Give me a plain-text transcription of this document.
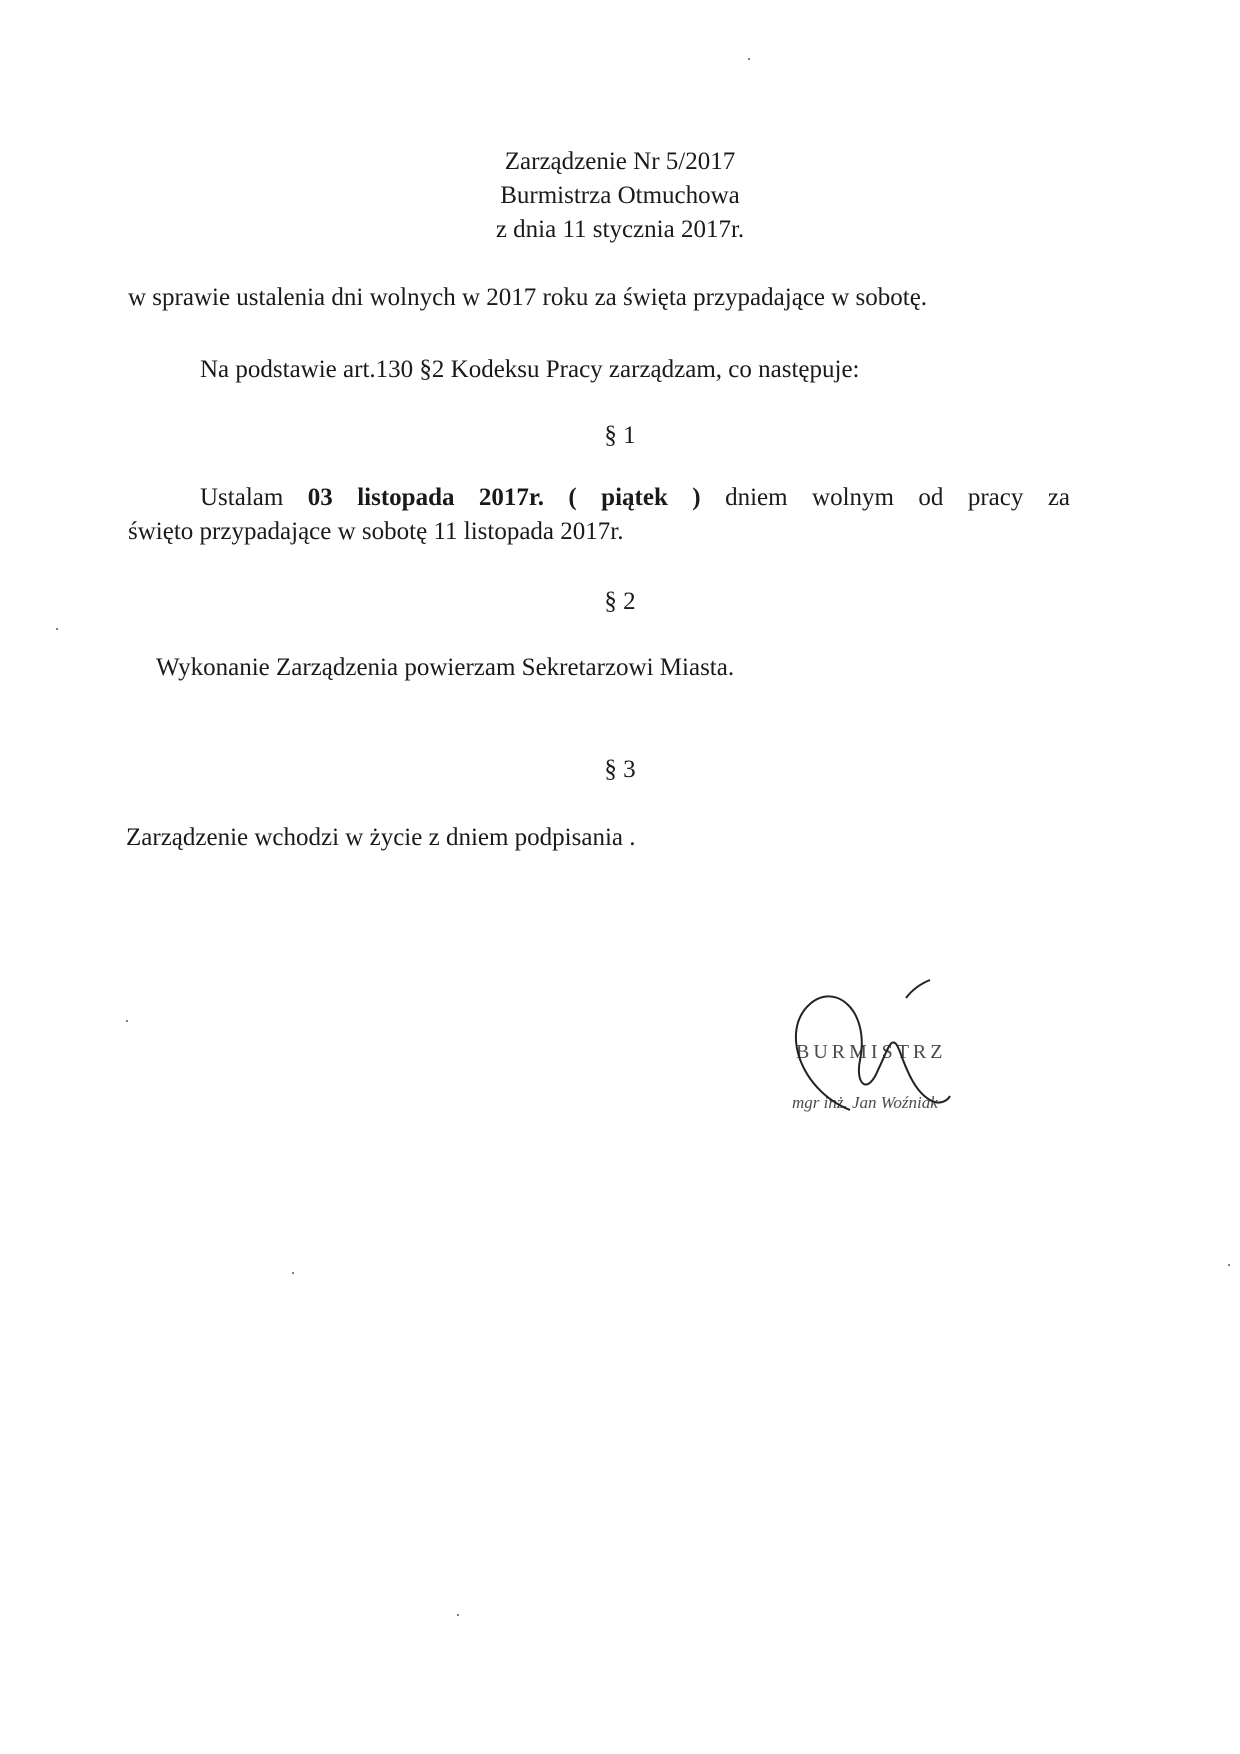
Zarządzenie Nr 5/2017
Burmistrza Otmuchowa
z dnia 11 stycznia 2017r.
w sprawie ustalenia dni wolnych w 2017 roku za święta przypadające w sobotę.
Na podstawie art.130 §2 Kodeksu Pracy zarządzam, co następuje:
§ 1
Ustalam 03 listopada 2017r. ( piątek ) dniem wolnym od pracy za
święto przypadające w sobotę 11 listopada 2017r.
§ 2
Wykonanie Zarządzenia powierzam Sekretarzowi Miasta.
§ 3
Zarządzenie wchodzi w życie z dniem podpisania .
BURMISTRZ
mgr inż. Jan Woźniak
